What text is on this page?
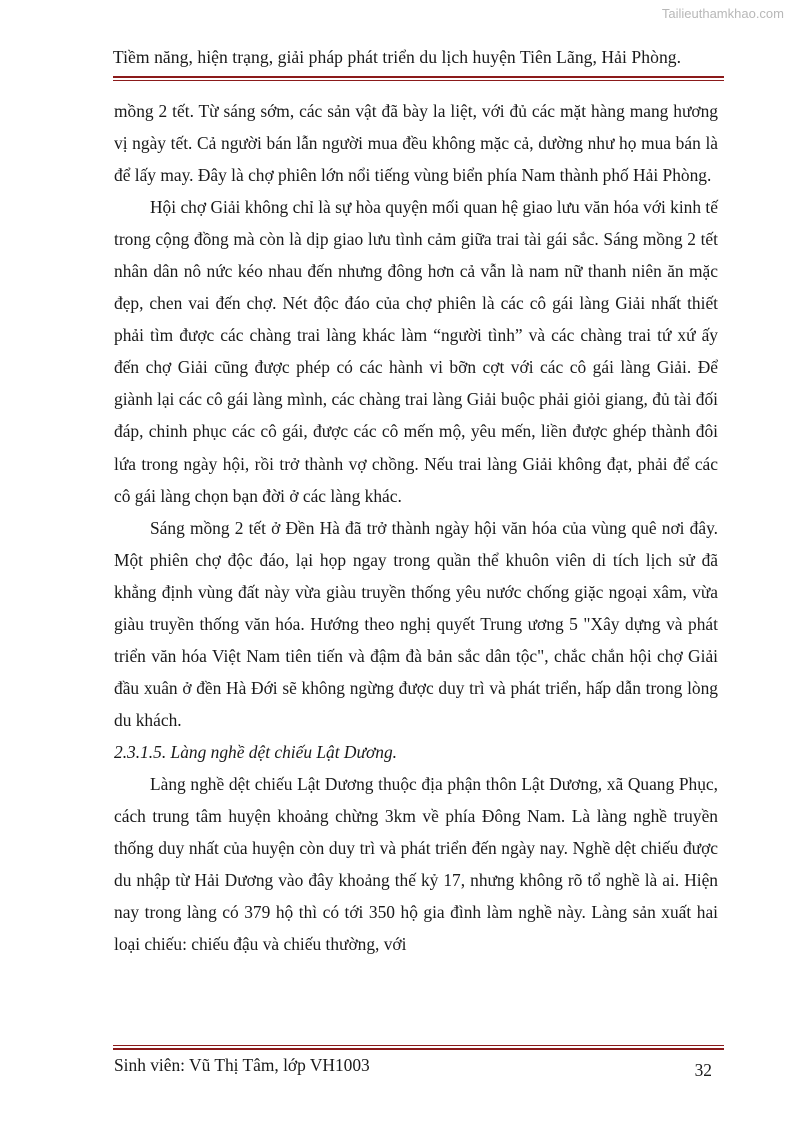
Tailieuthamkhao.com
Tiềm năng, hiện trạng, giải pháp phát triển du lịch huyện Tiên Lãng, Hải Phòng.

mồng 2 tết. Từ sáng sớm, các sản vật đã bày la liệt, với đủ các mặt hàng mang hương vị ngày tết. Cả người bán lẫn người mua đều không mặc cả, dường như họ mua bán là để lấy may. Đây là chợ phiên lớn nổi tiếng vùng biển phía Nam thành phố Hải Phòng.

Hội chợ Giải không chỉ là sự hòa quyện mối quan hệ giao lưu văn hóa với kinh tế trong cộng đồng mà còn là dịp giao lưu tình cảm giữa trai tài gái sắc. Sáng mồng 2 tết nhân dân nô nức kéo nhau đến nhưng đông hơn cả vẫn là nam nữ thanh niên ăn mặc đẹp, chen vai đến chợ. Nét độc đáo của chợ phiên là các cô gái làng Giải nhất thiết phải tìm được các chàng trai làng khác làm “người tình” và các chàng trai tứ xứ ấy đến chợ Giải cũng được phép có các hành vi bỡn cợt với các cô gái làng Giải. Để giành lại các cô gái làng mình, các chàng trai làng Giải buộc phải giỏi giang, đủ tài đối đáp, chinh phục các cô gái, được các cô mến mộ, yêu mến, liền được ghép thành đôi lứa trong ngày hội, rồi trở thành vợ chồng. Nếu trai làng Giải không đạt, phải để các cô gái làng chọn bạn đời ở các làng khác.

Sáng mồng 2 tết ở Đền Hà đã trở thành ngày hội văn hóa của vùng quê nơi đây. Một phiên chợ độc đáo, lại họp ngay trong quần thể khuôn viên di tích lịch sử đã khẳng định vùng đất này vừa giàu truyền thống yêu nước chống giặc ngoại xâm, vừa giàu truyền thống văn hóa. Hướng theo nghị quyết Trung ương 5 "Xây dựng và phát triển văn hóa Việt Nam tiên tiến và đậm đà bản sắc dân tộc", chắc chắn hội chợ Giải đầu xuân ở đền Hà Đới sẽ không ngừng được duy trì và phát triển, hấp dẫn trong lòng du khách.

2.3.1.5. Làng nghề dệt chiếu Lật Dương.

Làng nghề dệt chiếu Lật Dương thuộc địa phận thôn Lật Dương, xã Quang Phục, cách trung tâm huyện khoảng chừng 3km về phía Đông Nam. Là làng nghề truyền thống duy nhất của huyện còn duy trì và phát triển đến ngày nay. Nghề dệt chiếu được du nhập từ Hải Dương vào đây khoảng thế kỷ 17, nhưng không rõ tổ nghề là ai. Hiện nay trong làng có 379 hộ thì có tới 350 hộ gia đình làm nghề này. Làng sản xuất hai loại chiếu: chiếu đậu và chiếu thường, với

Sinh viên: Vũ Thị Tâm, lớp VH1003	32
